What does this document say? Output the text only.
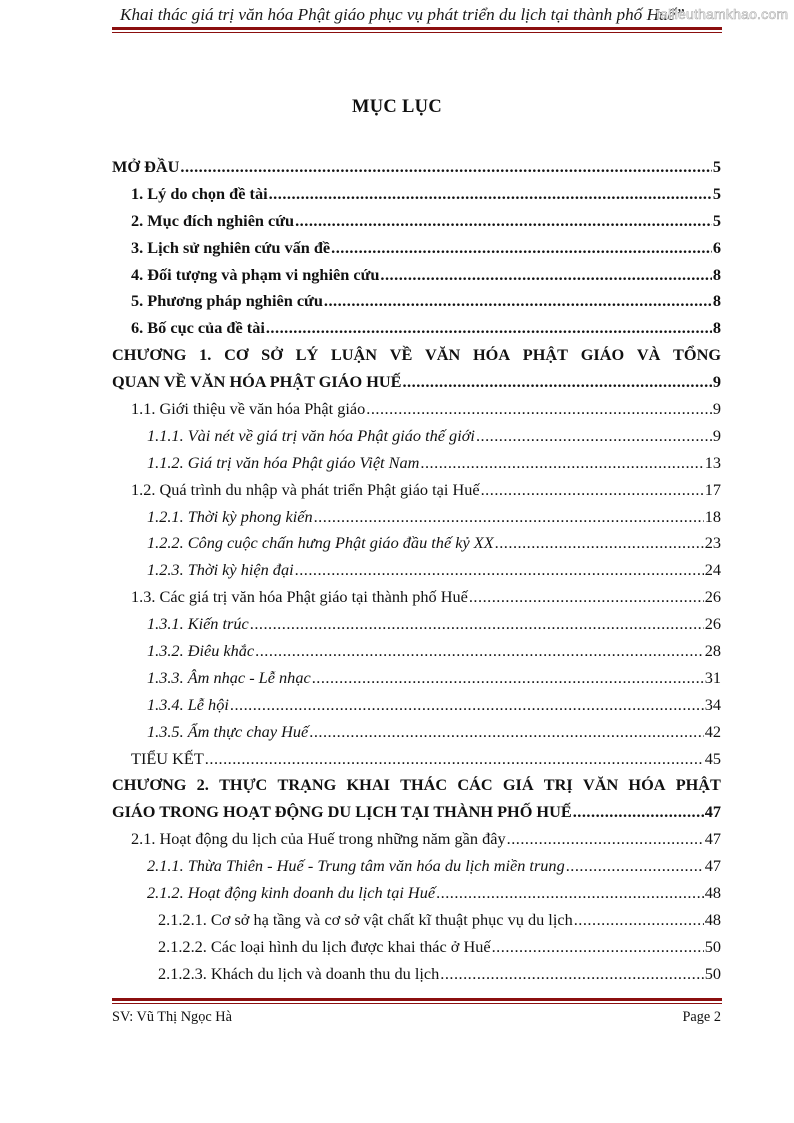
Khai thác giá trị văn hóa Phật giáo phục vụ phát triển du lịch tại thành phố Huế”
tailieuthamkhao.com
MỤC LỤC
MỞ ĐẦU .....	5
1. Lý do chọn đề tài .....	5
2. Mục đích nghiên cứu .....	5
3. Lịch sử nghiên cứu vấn đề .....	6
4. Đối tượng và phạm vi nghiên cứu .....	8
5. Phương pháp nghiên cứu .....	8
6. Bố cục của đề tài .....	8
CHƯƠNG 1. CƠ SỞ LÝ LUẬN VỀ VĂN HÓA PHẬT GIÁO VÀ TỔNG
QUAN VỀ VĂN HÓA PHẬT GIÁO HUẾ .....	9
1.1. Giới thiệu về văn hóa Phật giáo .....	9
1.1.1. Vài nét về giá trị văn hóa Phật giáo thế giới .....	9
1.1.2. Giá trị văn hóa Phật giáo Việt Nam .....	13
1.2. Quá trình du nhập và phát triển Phật giáo tại Huế .....	17
1.2.1. Thời kỳ phong kiến .....	18
1.2.2. Công cuộc chấn hưng Phật giáo đầu thế kỷ XX .....	23
1.2.3. Thời kỳ hiện đại .....	24
1.3. Các giá trị văn hóa Phật giáo tại thành phố Huế .....	26
1.3.1. Kiến trúc .....	26
1.3.2. Điêu khắc .....	28
1.3.3. Âm nhạc - Lễ nhạc .....	31
1.3.4. Lễ hội .....	34
1.3.5. Ẩm thực chay Huế .....	42
TIỂU KẾT .....	45
CHƯƠNG 2. THỰC TRẠNG KHAI THÁC CÁC GIÁ TRỊ VĂN HÓA PHẬT
GIÁO TRONG HOẠT ĐỘNG DU LỊCH TẠI THÀNH PHỐ HUẾ .....	47
2.1. Hoạt động du lịch của Huế trong những năm gần đây .....	47
2.1.1. Thừa Thiên - Huế - Trung tâm văn hóa du lịch miền trung .....	47
2.1.2. Hoạt động kinh doanh du lịch tại Huế .....	48
2.1.2.1. Cơ sở hạ tầng và cơ sở vật chất kĩ thuật phục vụ du lịch .....	48
2.1.2.2. Các loại hình du lịch được khai thác ở Huế .....	50
2.1.2.3. Khách du lịch và doanh thu du lịch .....	50
SV: Vũ Thị Ngọc Hà	Page 2
